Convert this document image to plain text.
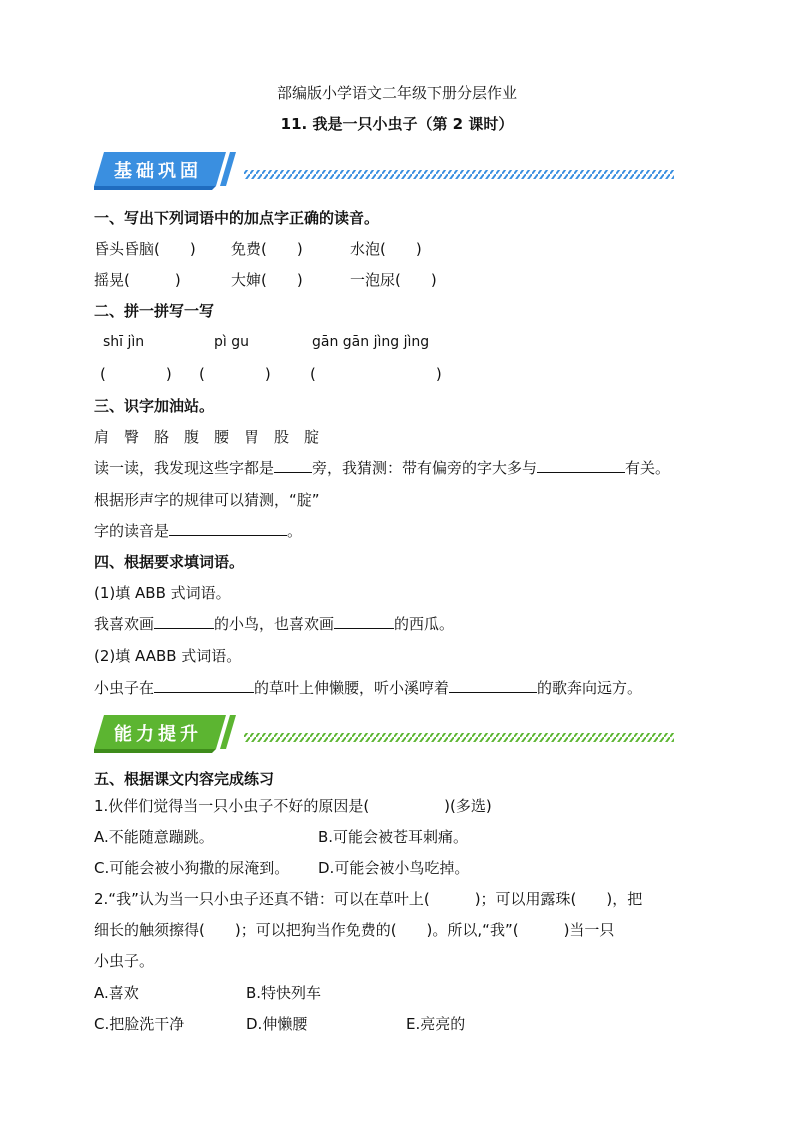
部编版小学语文二年级下册分层作业
11. 我是一只小虫子（第 2 课时）
基础巩固
一、写出下列词语中的加点字正确的读音。
昏头昏脑(　　) 免费(　　)	水泡(　　)
摇晃(　　　)	大婶(　　)	一泡尿(　　)
二、拼一拼写一写
shī jìn	pì gu	gān gān jìng jìng
(　　　　) (　　　　)	(　　　　　　　　)
三、识字加油站。
肩　臀　胳　腹　腰　胃　股　腚
读一读，我发现这些字都是	旁，我猜测：带有偏旁的字大多与	有关。
根据形声字的规律可以猜测，“腚”
字的读音是	。
四、根据要求填词语。
(1)填 ABB 式词语。
我喜欢画	的小鸟，也喜欢画	的西瓜。
(2)填 AABB 式词语。
小虫子在	的草叶上伸懒腰，听小溪哼着	的歌奔向远方。
能力提升
五、根据课文内容完成练习
1.伙伴们觉得当一只小虫子不好的原因是(　　　　　)(多选)
A.不能随意蹦跳。	B.可能会被苍耳刺痛。
C.可能会被小狗撒的尿淹到。 D.可能会被小鸟吃掉。
2.“我”认为当一只小虫子还真不错：可以在草叶上(　　　)；可以用露珠(　　)，把
细长的触须擦得(　　)；可以把狗当作免费的(　　)。所以,“我”(　　　)当一只
小虫子。
A.喜欢	B.特快列车
C.把脸洗干净	D.伸懒腰	E.亮亮的
